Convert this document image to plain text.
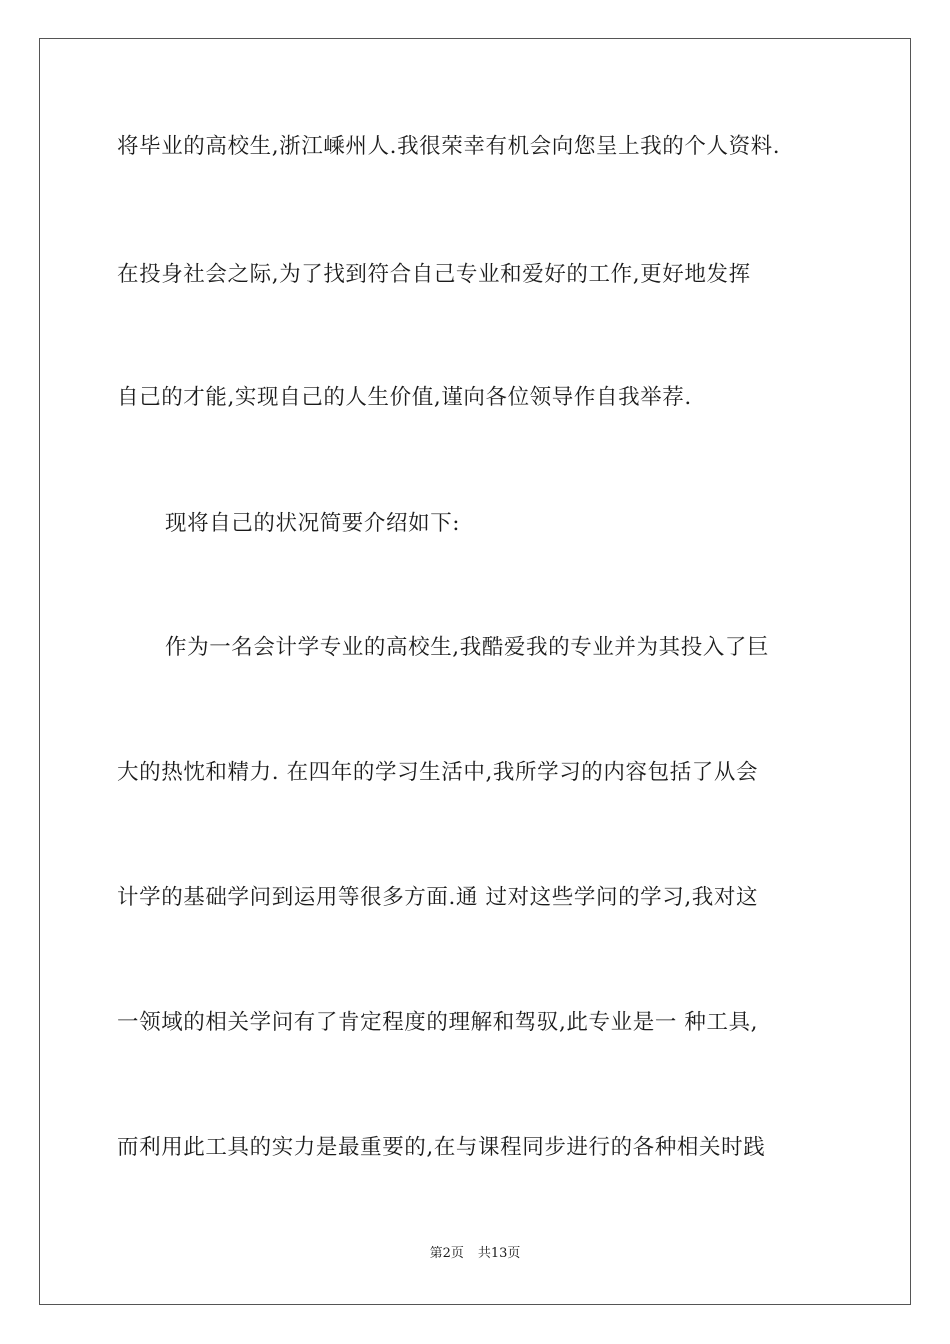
将毕业的高校生,浙江嵊州人.我很荣幸有机会向您呈上我的个人资料.
在投身社会之际,为了找到符合自己专业和爱好的工作,更好地发挥
自己的才能,实现自己的人生价值,谨向各位领导作自我举荐.
现将自己的状况简要介绍如下:
作为一名会计学专业的高校生,我酷爱我的专业并为其投入了巨
大的热忱和精力. 在四年的学习生活中,我所学习的内容包括了从会
计学的基础学问到运用等很多方面.通 过对这些学问的学习,我对这
一领域的相关学问有了肯定程度的理解和驾驭,此专业是一 种工具,
而利用此工具的实力是最重要的,在与课程同步进行的各种相关时践
第2页 共13页
